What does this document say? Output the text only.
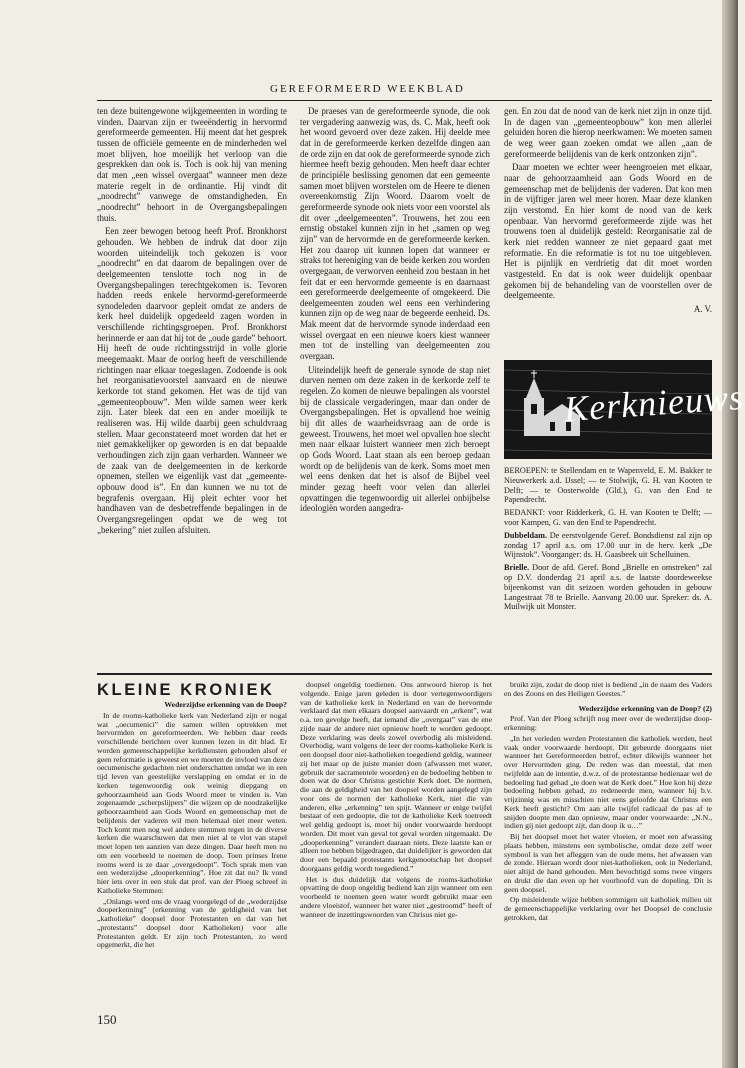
GEREFORMEERD WEEKBLAD

ten deze buitengewone wijkgemeenten in wording te vinden. Daarvan zijn er tweeëndertig in hervormd gereformeerde gemeenten. Hij meent dat het gesprek tussen de officiële gemeente en de minderheden wel moet blijven, hoe moeilijk het verloop van die gesprekken dan ook is. Toch is ook hij van mening dat men „een wissel overgaat” wanneer men deze materie regelt in de ordinantie. Hij vindt dit „noodrecht” vanwege de omstandigheden. En „noodrecht” behoort in de Overgangsbepalingen thuis.

Een zeer bewogen betoog heeft Prof. Bronkhorst gehouden. We hebben de indruk dat door zijn woorden uiteindelijk toch gekozen is voor „noodrecht” en dat daarom de bepalingen over de deelgemeenten tenslotte toch nog in de Overgangsbepalingen terechtgekomen is. Tevoren hadden reeds enkele hervormd-gereformeerde synodeleden daarvoor gepleit omdat ze anders de kerk heel duidelijk opgedeeld zagen worden in verschillende richtingsgroepen. Prof. Bronkhorst herinnerde er aan dat hij tot de „oude garde” behoort. Hij heeft de oude richtingsstrijd in volle glorie meegemaakt. Maar de oorlog heeft de verschillende richtingen naar elkaar toegeslagen. Zodoende is ook het reorganisatievoorstel aanvaard en de nieuwe kerkorde tot stand gekomen. Het was de tijd van „gemeenteopbouw”. Men wilde samen weer kerk zijn. Later bleek dat een en ander moeilijk te realiseren was. Hij wilde daarbij geen schuldvraag stellen. Maar geconstateerd moet worden dat het er niet gemakkelijker op geworden is en dat bepaalde verhoudingen zich zijn gaan verharden. Wanneer we de zaak van de deelgemeenten in de kerkorde opnemen, stellen we eigenlijk vast dat „gemeente-opbouw dood is”. En dan kunnen we nu tot de begrafenis overgaan. Hij pleit echter voor het handhaven van de desbetreffende bepalingen in de Overgangsregelingen opdat we de weg tot „bekering” niet zullen afsluiten.

De praeses van de gereformeerde synode, die ook ter vergadering aanwezig was, ds. C. Mak, heeft ook het woord gevoerd over deze zaken. Hij deelde mee dat in de gereformeerde kerken dezelfde dingen aan de orde zijn en dat ook de gereformeerde synode zich hiermee heeft bezig gehouden. Men heeft daar echter de principiële beslissing genomen dat een gemeente samen moet blijven worstelen om de Heere te dienen overeenkomstig Zijn Woord. Daarom voelt de gereformeerde synode ook niets voor een voorstel als dit over „deelgemeenten”. Trouwens, het zou een ernstig obstakel kunnen zijn in het „samen op weg zijn” van de hervormde en de gereformeerde kerken. Het zou daarop uit kunnen lopen dat wanneer er straks tot hereniging van de beide kerken zou worden overgegaan, de verworven eenheid zou bestaan in het feit dat er een hervormde gemeente is en daarnaast een gereformeerde deelgemeente of omgekeerd. Die deelgemeenten zouden wel eens een verhindering kunnen zijn op de weg naar de begeerde eenheid. Ds. Mak meent dat de hervormde synode inderdaad een wissel overgaat en een nieuwe koers kiest wanneer men tot de instelling van deelgemeenten zou overgaan.

Uiteindelijk heeft de generale synode de stap niet durven nemen om deze zaken in de kerkorde zelf te regelen. Zo komen de nieuwe bepalingen als voorstel bij de classicale vergaderingen, maar dan onder de Overgangsbepalingen. Het is opvallend hoe weinig bij dit alles de waarheidsvraag aan de orde is geweest. Trouwens, het moet wel opvallen hoe slecht men naar elkaar luistert wanneer men zich beroept op Gods Woord. Laat staan als een beroep gedaan wordt op de belijdenis van de kerk. Soms moet men wel eens denken dat het is alsof de Bijbel veel minder gezag heeft voor velen dan allerlei opvattingen die tegenwoordig uit allerlei onbijbelse ideologiën worden aangedra-

gen. En zou dat de nood van de kerk niet zijn in onze tijd. In de dagen van „gemeenteopbouw” kon men allerlei geluiden horen die hierop neerkwamen: We moeten samen de weg weer gaan zoeken omdat we allen „aan de gereformeerde belijdenis van de kerk ontzonken zijn”.

Daar moeten we echter weer heengroeien met elkaar, naar de gehoorzaamheid aan Gods Woord en de gemeenschap met de belijdenis der vaderen. Dat kon men in de vijftiger jaren wel meer horen. Maar deze klanken zijn verstomd. En hier komt de nood van de kerk openbaar. Van hervormd gereformeerde zijde was het trouwens toen al duidelijk gesteld: Reorganisatie zal de kerk niet redden wanneer ze niet gepaard gaat met reformatie. En die reformatie is tot nu toe uitgebleven. Het is pijnlijk en verdrietig dat dit moet worden vastgesteld. En dat is ook weer duidelijk openbaar gekomen bij de behandeling van de voorstellen over de deelgemeente.

A. V.
Kerknieuws

BEROEPEN: te Stellendam en te Wapenveld, E. M. Bakker te Nieuwerkerk a.d. IJssel; — te Stolwijk, G. H. van Kooten te Delft; — te Oosterwolde (Gld.), G. van den End te Papendrecht.

BEDANKT: voor Ridderkerk, G. H. van Kooten te Delft; — voor Kampen, G. van den End te Papendrecht.

Dubbeldam. De eerstvolgende Geref. Bondsdienst zal zijn op zondag 17 april a.s. om 17.00 uur in de herv. kerk „De Wijnstok”. Voorganger: ds. H. Gaasbeek uit Schelluinen.

Brielle. Door de afd. Geref. Bond „Brielle en omstreken” zal op D.V. donderdag 21 april a.s. de laatste doordeweekse bijeenkomst van dit seizoen worden gehouden in gebouw Langestraat 78 te Brielle. Aanvang 20.00 uur. Spreker: ds. A. Muilwijk uit Monster.

KLEINE KRONIEK
Wederzijdse erkenning van de Doop?

In de rooms-katholieke kerk van Nederland zijn er nogal wat „oecumenici” die samen willen optrekken met hervormden en gereformeerden. We hebben daar reeds verschillende berichten over kunnen lezen in dit blad. Er worden gemeenschappelijke kerkdiensten gehouden alsof er geen reformatie is geweest en we moeten de invloed van deze oecumenische gedachten niet onderschatten omdat we in een tijd leven van geestelijke verslapping en omdat er in de kerken tegenwoordig ook weinig diepgang en gehoorzaamheid aan Gods Woord meer te vinden is. Van zogenaamde „scherpslijpers” die wijzen op de noodzakelijke gehoorzaamheid aan Gods Woord en gemeenschap met de belijdenis der vaderen wil men helemaal niet meer weten. Toch komt men nog wel andere stemmen tegen in de diverse kerken die waarschuwen dat men niet al te vlot van stapel moet lopen ten aanzien van deze dingen. Daar heeft men nu om een voorbeeld te noemen de doop. Toen prinses Irene rooms werd is ze daar „overgedoopt”. Toch sprak men van een wederzijdse „dooperkenning”. Hoe zit dat nu? Ik vond hier iets over in een stuk dat prof. van der Ploeg schreef in Katholieke Stemmen:

„Onlangs werd ons de vraag voorgelegd of de „wederzijdse dooperkenning” (erkenning van de geldigheid van het „katholieke” doopsel door Protestanten en dat van het „protestants” doopsel door Katholieken) voor alle Protestanten geldt. Er zijn toch Protestanten, zo werd opgemerkt, die het

doopsel ongeldig toedienen. Ons antwoord hierop is het volgende. Enige jaren geleden is door vertegenwoordigers van de katholieke kerk in Nederland en van de hervormde verklaard dat men elkaars doopsel aanvaardt en „erkent”, wat o.a. ten gevolge heeft, dat iemand die „overgaat” van de ene zijde naar de andere niet opnieuw hoeft te worden gedoopt. Deze verklaring was deels zowel overbodig als misleidend. Overbodig, want volgens de leer der rooms-katholieke Kerk is een doopsel door niet-katholieken toegediend geldig, wanneer zij het maar op de juiste manier doen (afwassen met water, gebruik der sacramentele woorden) en de bedoeling hebben te doen wat de door Christus gestichte Kerk doet. De normen, die aan de geldigheid van het doopsel worden aangelegd zijn voor ons de normen der katholieke Kerk, niet die van anderen, elke „erkenning” ten spijt. Wanneer er enige twijfel bestaat of een gedoopte, die tot de katholieke Kerk toetreedt wel geldig gedoopt is, moet hij onder voorwaarde herdoopt worden. Dit moet van geval tot geval worden uitgemaakt. De „dooperkenning” verandert daaraan niets. Deze laatste kan er alleen toe hebben bijgedragen, dat duidelijker is geworden dat door een bepaald protestants kerkgenootschap het doopsel doorgaans geldig wordt toegediend.”

Het is dus duidelijk dat volgens de rooms-katholieke opvatting de doop ongeldig bediend kan zijn wanneer om een voorbeeld te noemen geen water wordt gebruikt maar een andere vloeistof, wanneer het water niet „gestroomd” heeft of wanneer de inzettingswoorden van Chrisus niet ge-

bruikt zijn, zodat de doop niet is bediend „in de naam des Vaders en des Zoons en des Heiligen Geestes.”

Wederzijdse erkenning van de Doop? (2)

Prof. Van der Ploeg schrijft nog meer over de wederzijdse doop-erkenning:

„In het verleden werden Protestanten die katholiek werden, heel vaak onder voorwaarde herdoopt. Dit gebeurde doorgaans niet wanneer het Gereformeerden betrof, echter dikwijls wanneer het over Hervormden ging. De reden was dan meestal, dat men twijfelde aan de intentie, d.w.z. of de protestantse bedienaar wel de bedoeling had gehad „te doen wat de Kerk doet.” Hoe kon hij deze bedoeling hebben gehad, zo redeneerde men, wanneer hij b.v. vrijzinnig was en misschien niet eens geloofde dat Christus een Kerk heeft gesticht? Om aan alle twijfel radicaal de pas af te snijden doopte men dan opnieuw, maar onder voorwaarde: „N.N., indien gij niet gedoopt zijt, dan doop ik u…”

Bij het doopsel moet het water vloeien, er moet een afwassing plaats hebben, minstens een symbolische, omdat deze zelf weer symbool is van het afleggen van de oude mens, het afwassen van de zonde. Hieraan wordt door niet-katholieken, ook in Nederland, niet altijd de hand gehouden. Men bevochtigd soms twee vingers en drukt die dan even op het voorhoofd van de dopeling. Dit is geen doopsel.

Op misleidende wijze hebben sommigen uit katholiek milieu uit de gemeenschappelijke verklaring over het Doopsel de conclusie getrokken, dat

150
